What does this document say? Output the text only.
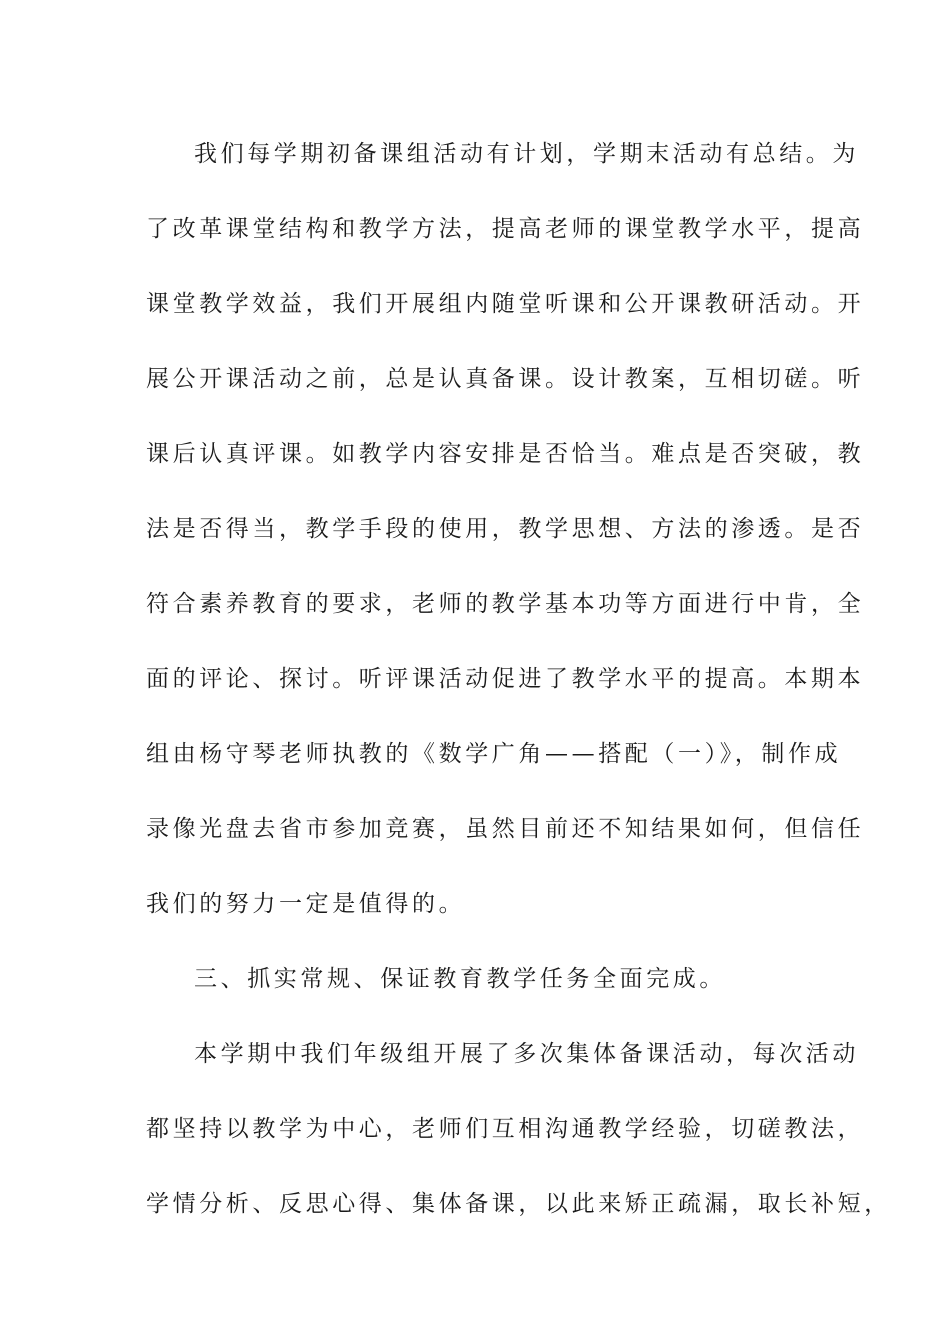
我们每学期初备课组活动有计划，学期末活动有总结。为
了改革课堂结构和教学方法，提高老师的课堂教学水平，提高
课堂教学效益，我们开展组内随堂听课和公开课教研活动。开
展公开课活动之前，总是认真备课。设计教案，互相切磋。听
课后认真评课。如教学内容安排是否恰当。难点是否突破，教
法是否得当，教学手段的使用，教学思想、方法的渗透。是否
符合素养教育的要求，老师的教学基本功等方面进行中肯，全
面的评论、探讨。听评课活动促进了教学水平的提高。本期本
组由杨守琴老师执教的《数学广角——搭配（一）》，制作成
录像光盘去省市参加竞赛，虽然目前还不知结果如何，但信任
我们的努力一定是值得的。
三、抓实常规、保证教育教学任务全面完成。
本学期中我们年级组开展了多次集体备课活动，每次活动
都坚持以教学为中心，老师们互相沟通教学经验，切磋教法，
学情分析、反思心得、集体备课，以此来矫正疏漏，取长补短，
